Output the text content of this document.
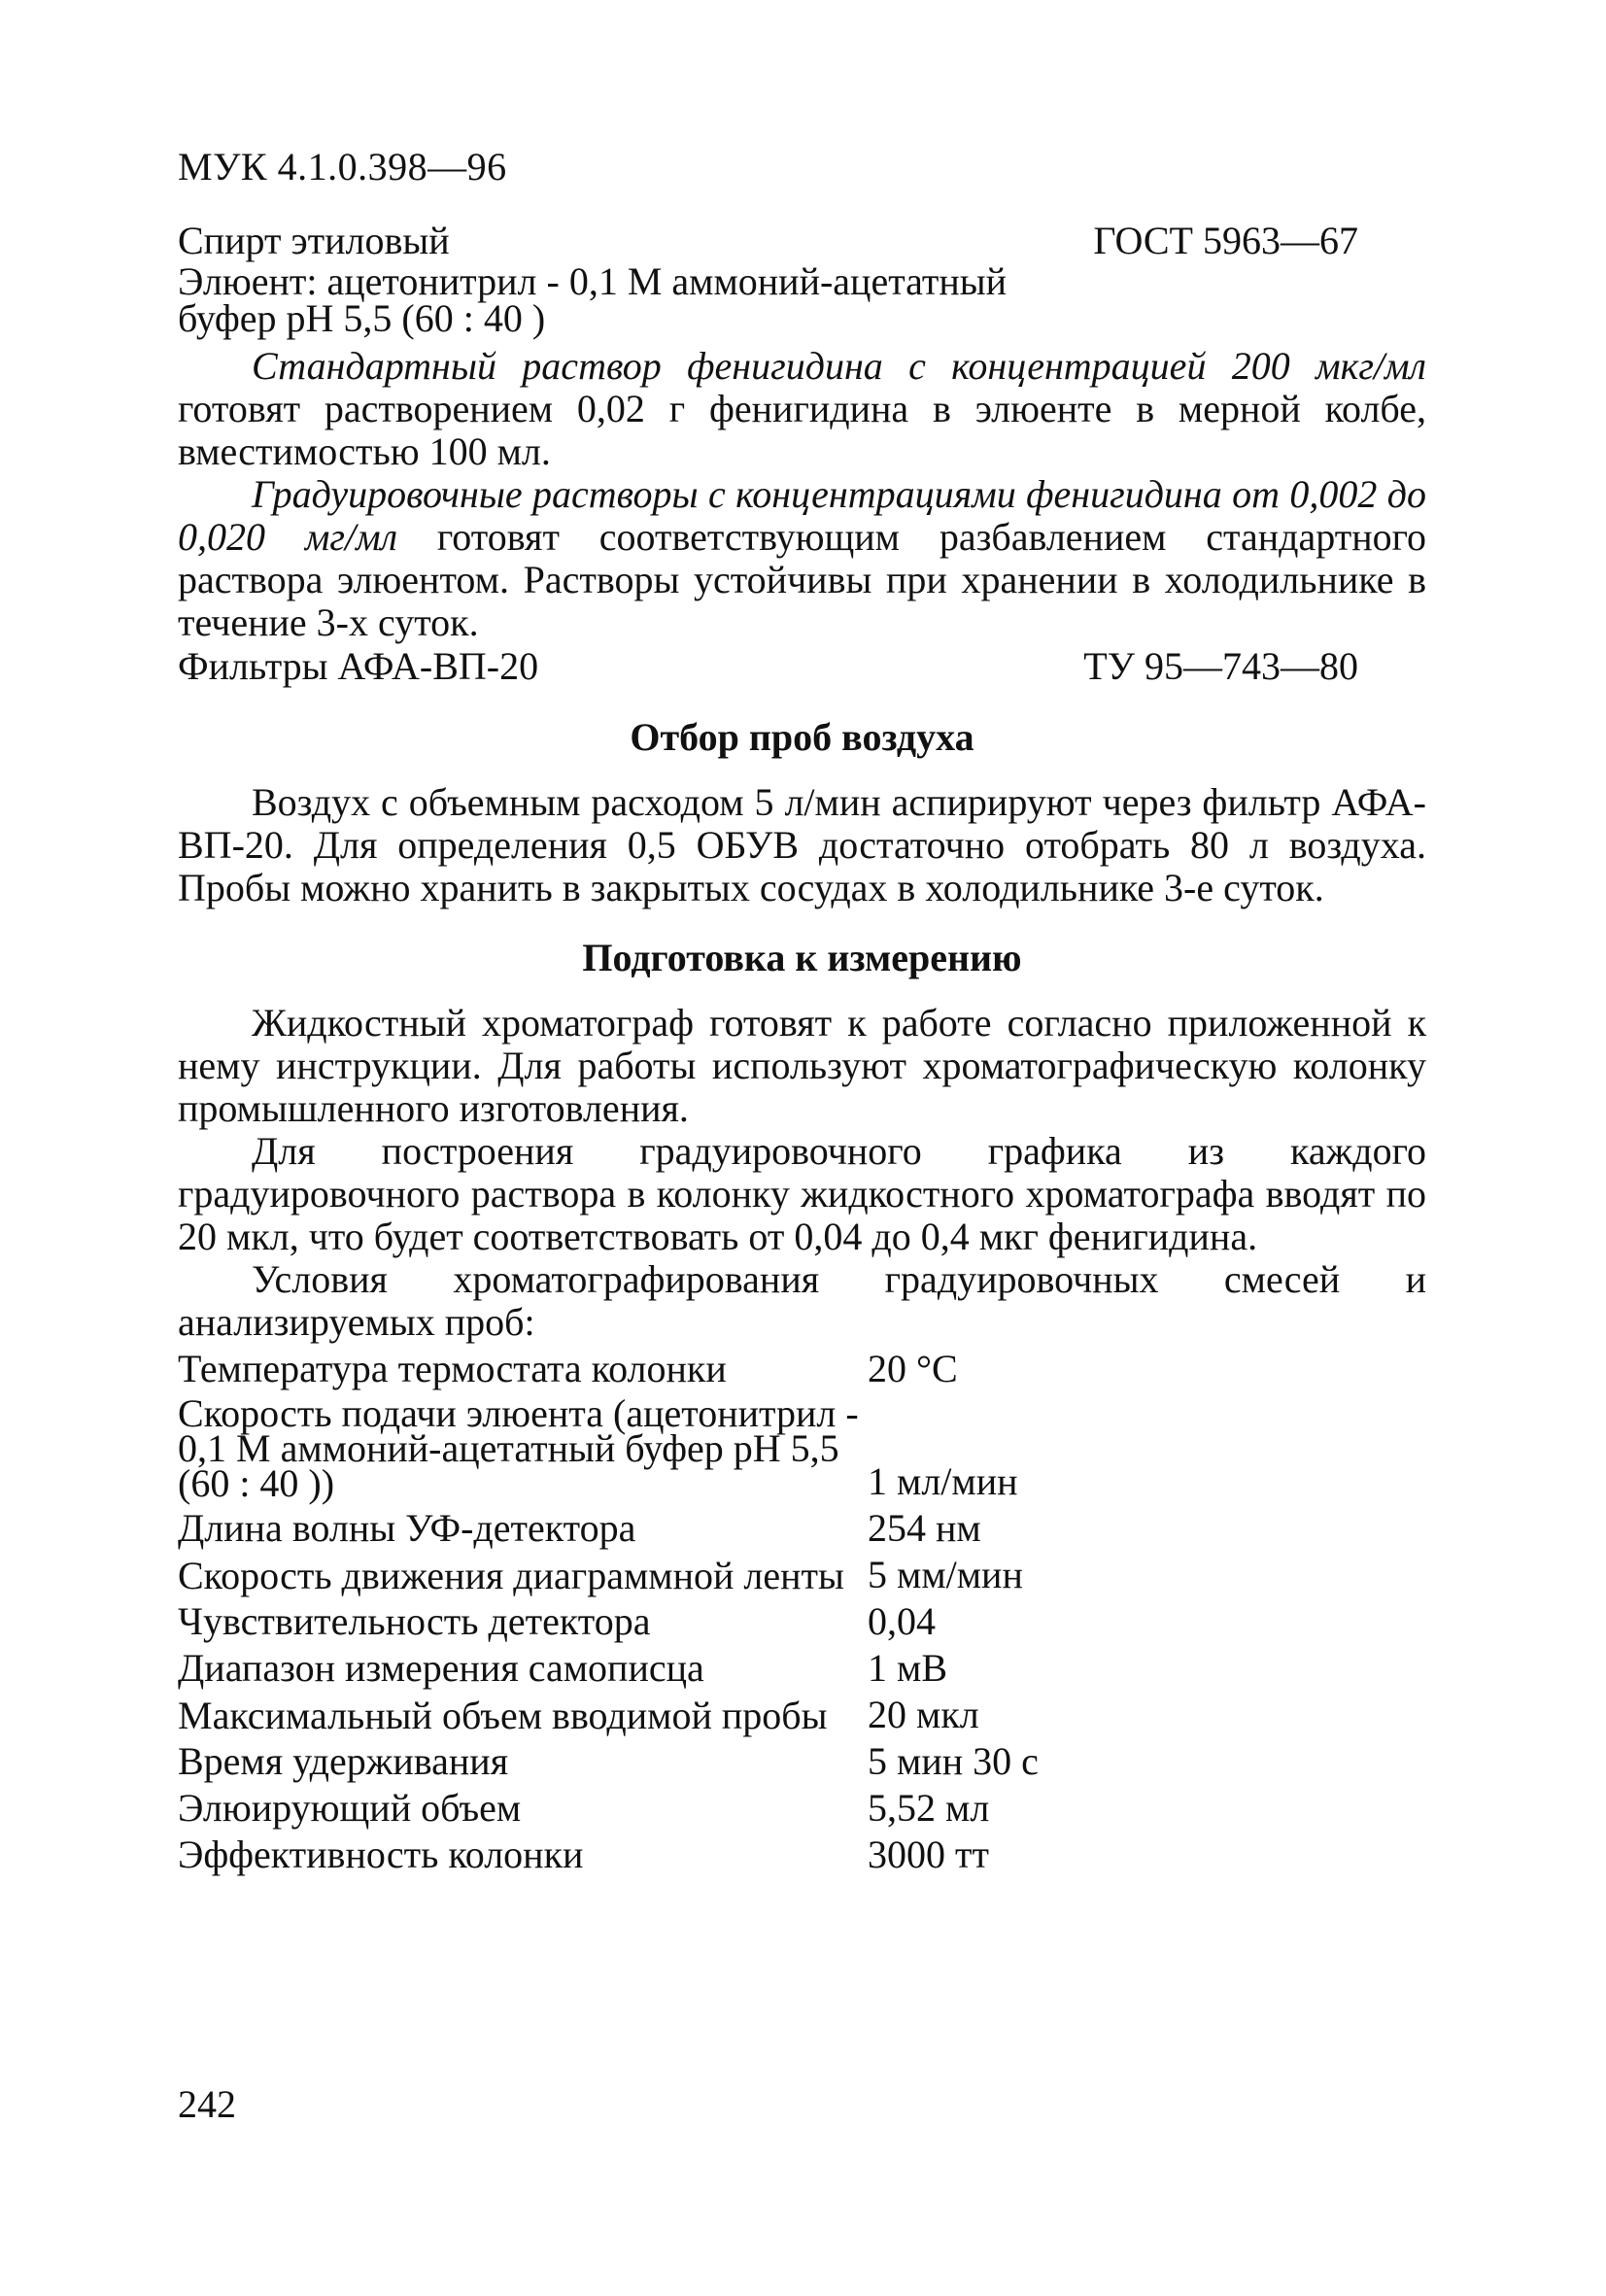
МУК 4.1.0.398—96
Спирт этиловый	ГОСТ 5963—67
Элюент: ацетонитрил - 0,1 М аммоний-ацетатный буфер рН 5,5 (60 : 40 )

Стандартный раствор фенигидина с концентрацией 200 мкг/мл готовят растворением 0,02 г фенигидина в элюенте в мерной колбе, вместимостью 100 мл.

Градуировочные растворы с концентрациями фенигидина от 0,002 до 0,020 мг/мл готовят соответствующим разбавлением стандартного раствора элюентом. Растворы устойчивы при хранении в холодильнике в течение 3-х суток.

Фильтры АФА-ВП-20	ТУ 95—743—80
Отбор проб воздуха

Воздух с объемным расходом 5 л/мин аспирируют через фильтр АФА-ВП-20. Для определения 0,5 ОБУВ достаточно отобрать 80 л воздуха. Пробы можно хранить в закрытых сосудах в холодильнике 3-е суток.

Подготовка к измерению

Жидкостный хроматограф готовят к работе согласно приложенной к нему инструкции. Для работы используют хроматографическую колонку промышленного изготовления.

Для построения градуировочного графика из каждого градуировочного раствора в колонку жидкостного хроматографа вводят по 20 мкл, что будет соответствовать от 0,04 до 0,4 мкг фенигидина.

Условия хроматографирования градуировочных смесей и анализируемых проб:

Температура термостата колонки	20 °С
Скорость подачи элюента (ацетонитрил - 0,1 М аммоний-ацетатный буфер рН 5,5 (60 : 40 ))	1 мл/мин
Длина волны УФ-детектора	254 нм
Скорость движения диаграммной ленты 5 мм/мин
Чувствительность детектора	0,04
Диапазон измерения самописца	1 мВ
Максимальный объем вводимой пробы	20 мкл
Время удерживания	5 мин 30 с
Элюирующий объем	5,52 мл
Эффективность колонки	3000 тт
242
